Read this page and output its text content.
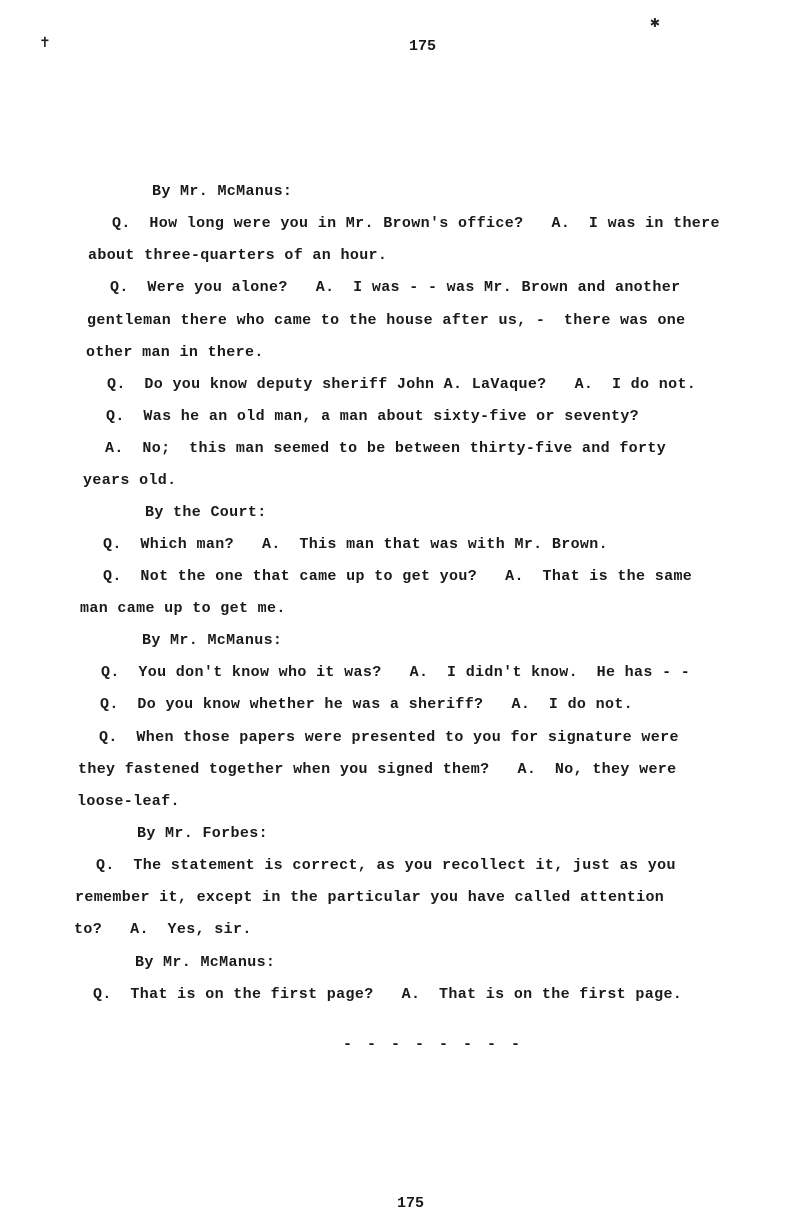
✝
✱
175
By Mr. McManus:
Q.  How long were you in Mr. Brown's office?   A.  I was in there
about three-quarters of an hour.
Q.  Were you alone?   A.  I was - - was Mr. Brown and another
gentleman there who came to the house after us, -  there was one
other man in there.
Q.  Do you know deputy sheriff John A. LaVaque?   A.  I do not.
Q.  Was he an old man, a man about sixty-five or seventy?
A.  No;  this man seemed to be between thirty-five and forty
years old.
By the Court:
Q.  Which man?   A.  This man that was with Mr. Brown.
Q.  Not the one that came up to get you?   A.  That is the same
man came up to get me.
By Mr. McManus:
Q.  You don't know who it was?   A.  I didn't know.  He has - -
Q.  Do you know whether he was a sheriff?   A.  I do not.
Q.  When those papers were presented to you for signature were
they fastened together when you signed them?   A.  No, they were
loose-leaf.
By Mr. Forbes:
Q.  The statement is correct, as you recollect it, just as you
remember it, except in the particular you have called attention
to?   A.  Yes, sir.
By Mr. McManus:
Q.  That is on the first page?   A.  That is on the first page.
- - - - - - - -
175
